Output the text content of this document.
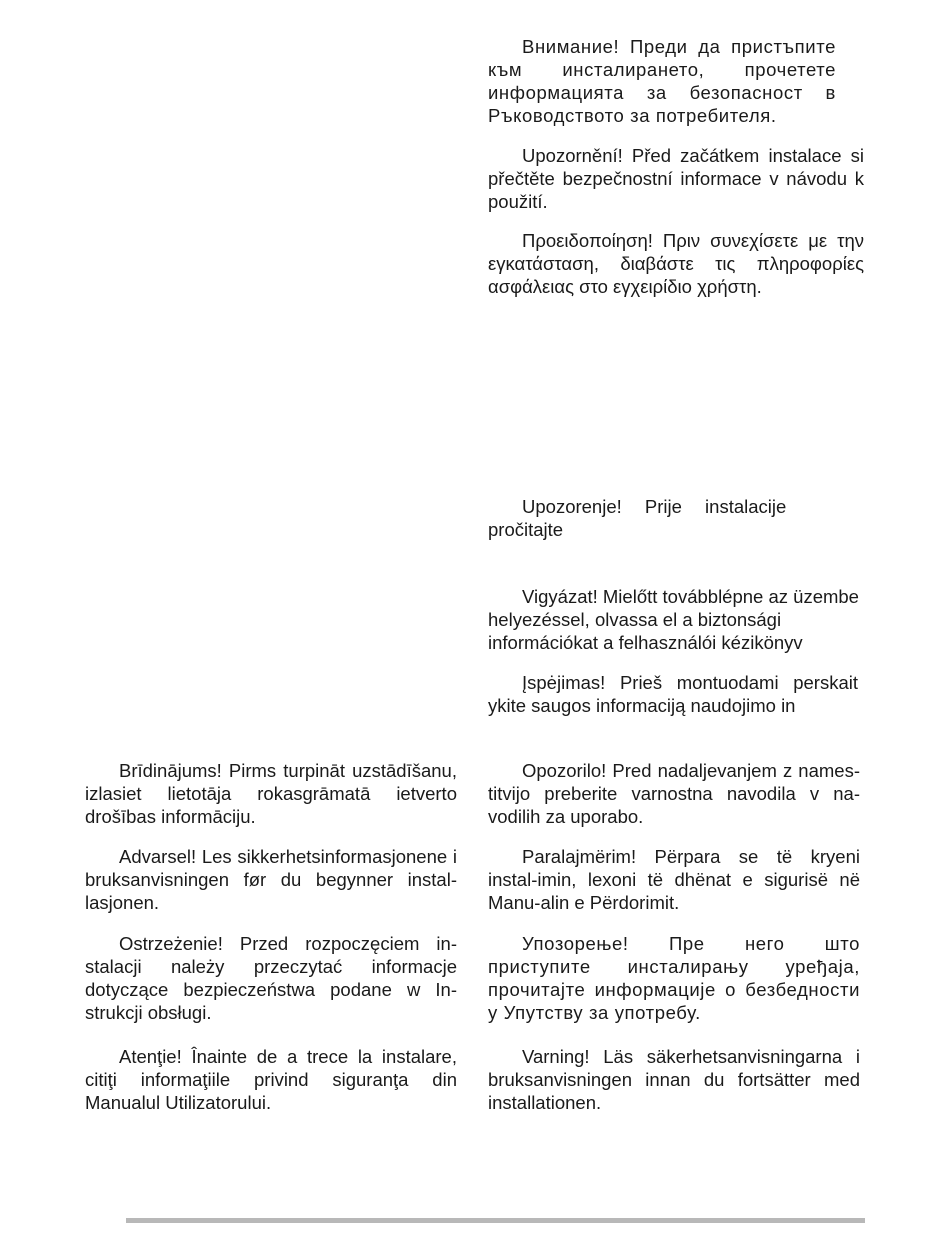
Внимание! Преди да пристъпите към инсталирането, прочетете информацията за безопасност в Ръководството за потребителя.

Upozornění! Před začátkem instalace si přečtěte bezpečnostní informace v návodu k použití.

Προειδοποίηση! Πριν συνεχίσετε με την εγκατάσταση, διαβάστε τις πληροφορίες ασφάλειας στο εγχειρίδιο χρήστη.

Upozorenje! Prije instalacije pročitajte

Vigyázat! Mielőtt továbblépne az üzembe helyezéssel, olvassa el a biztonsági információkat a felhasználói kézikönyv

Įspėjimas! Prieš montuodami perskait ykite saugos informaciją naudojimo in

Brīdinājums! Pirms turpināt uzstādīšanu, izlasiet lietotāja rokasgrāmatā ietverto drošības informāciju.

Advarsel! Les sikkerhetsinformasjonene i bruksanvisningen før du begynner instal-lasjonen.

Ostrzeżenie! Przed rozpoczęciem in-stalacji należy przeczytać informacje dotyczące bezpieczeństwa podane w In-strukcji obsługi.

Atenţie! Înainte de a trece la instalare, citiţi informaţiile privind siguranţa din Manualul Utilizatorului.

Opozorilo! Pred nadaljevanjem z names-titvijo preberite varnostna navodila v na-vodilih za uporabo.

Paralajmërim! Përpara se të kryeni instal-imin, lexoni të dhënat e sigurisë në Manu-alin e Përdorimit.

Упозорење! Пре него што приступите инсталирању уређаја, прочитајте информације о безбедности у Упутству за употребу.

Varning! Läs säkerhetsanvisningarna i bruksanvisningen innan du fortsätter med installationen.
